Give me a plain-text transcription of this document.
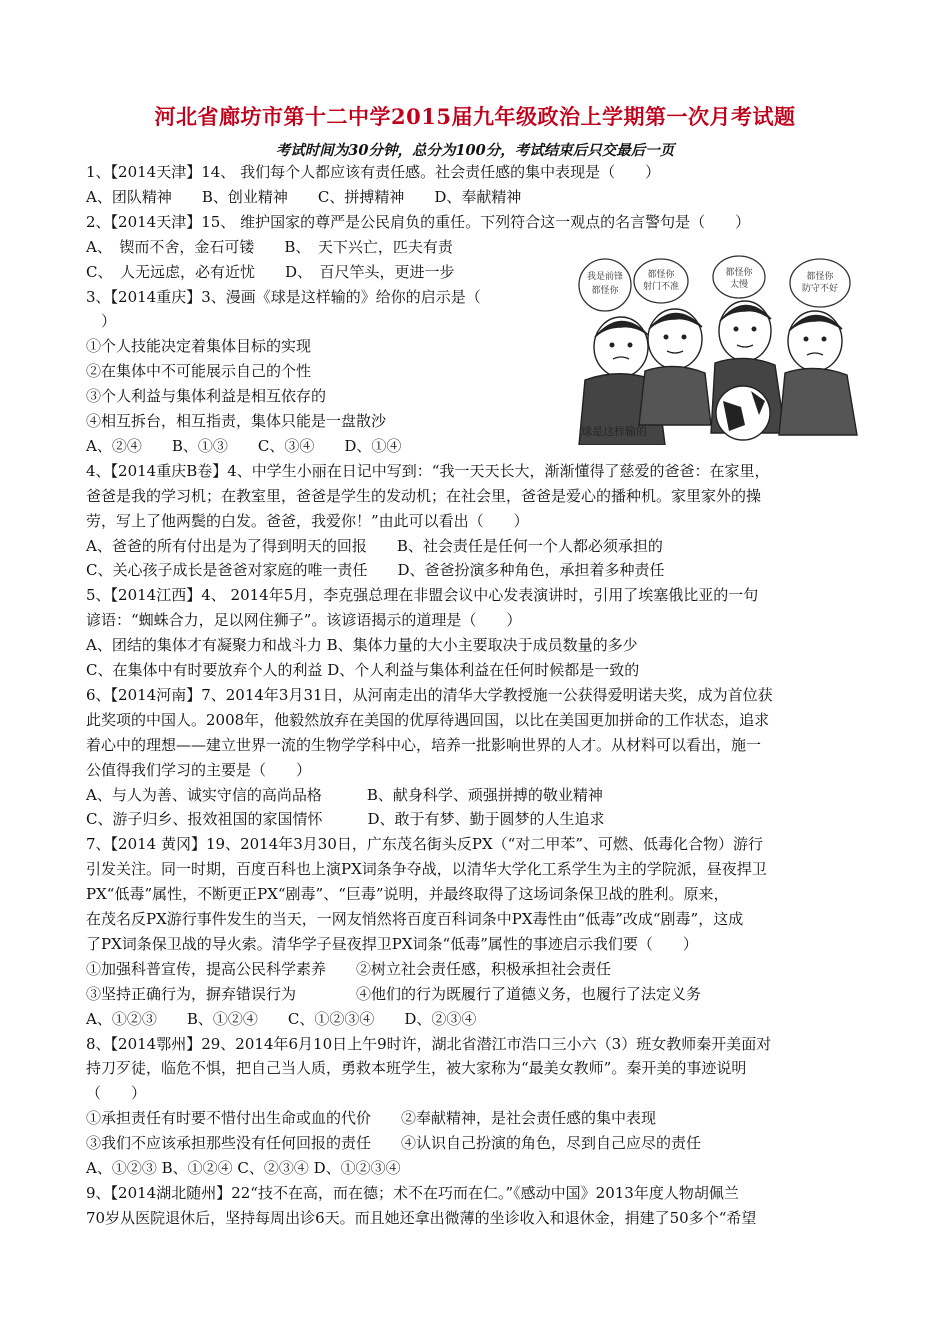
河北省廊坊市第十二中学2015届九年级政治上学期第一次月考试题
考试时间为30分钟，总分为100分，考试结束后只交最后一页
1、【2014天津】14、 我们每个人都应该有责任感。社会责任感的集中表现是（　　）
A、团队精神　　B、创业精神　　C、拼搏精神　　D、奉献精神
2、【2014天津】15、 维护国家的尊严是公民肩负的重任。下列符合这一观点的名言警句是（　　）
A、　锲而不舍，金石可镂　　B、　天下兴亡，匹夫有责
C、　人无远虑，必有近忧　　D、　百尺竿头，更进一步
3、【2014重庆】3、漫画《球是这样输的》给你的启示是（
　）
①个人技能决定着集体目标的实现
②在集体中不可能展示自己的个性
③个人利益与集体利益是相互依存的
④相互拆台，相互指责，集体只能是一盘散沙
A、②④　　B、①③　　C、③④　　D、①④
4、【2014重庆B卷】4、中学生小丽在日记中写到：“我一天天长大，渐渐懂得了慈爱的爸爸：在家里，
爸爸是我的学习机；在教室里，爸爸是学生的发动机；在社会里，爸爸是爱心的播种机。家里家外的操
劳，写上了他两鬓的白发。爸爸，我爱你！”由此可以看出（　　）
A、爸爸的所有付出是为了得到明天的回报　　B、社会责任是任何一个人都必须承担的
C、关心孩子成长是爸爸对家庭的唯一责任　　D、爸爸扮演多种角色，承担着多种责任
5、【2014江西】4、 2014年5月，李克强总理在非盟会议中心发表演讲时，引用了埃塞俄比亚的一句
谚语：“蜘蛛合力，足以网住狮子”。该谚语揭示的道理是（　　）
A、团结的集体才有凝聚力和战斗力 B、集体力量的大小主要取决于成员数量的多少
C、在集体中有时要放弃个人的利益 D、个人利益与集体利益在任何时候都是一致的
6、【2014河南】7、2014年3月31日，从河南走出的清华大学教授施一公获得爱明诺夫奖，成为首位获
此奖项的中国人。2008年，他毅然放弃在美国的优厚待遇回国，以比在美国更加拼命的工作状态，追求
着心中的理想——建立世界一流的生物学学科中心，培养一批影响世界的人才。从材料可以看出，施一
公值得我们学习的主要是（　　）
A、与人为善、诚实守信的高尚品格　　　B、献身科学、顽强拼搏的敬业精神
C、游子归乡、报效祖国的家国情怀　　　D、敢于有梦、勤于圆梦的人生追求
7、【2014 黄冈】19、2014年3月30日，广东茂名街头反PX（“对二甲苯”、可燃、低毒化合物）游行
引发关注。同一时期，百度百科也上演PX词条争夺战，以清华大学化工系学生为主的学院派，昼夜捍卫
PX“低毒”属性，不断更正PX“剧毒”、“巨毒”说明，并最终取得了这场词条保卫战的胜利。原来，
在茂名反PX游行事件发生的当天，一网友悄然将百度百科词条中PX毒性由“低毒”改成“剧毒”，这成
了PX词条保卫战的导火索。清华学子昼夜捍卫PX词条“低毒”属性的事迹启示我们要（　　）
①加强科普宣传，提高公民科学素养　　②树立社会责任感，积极承担社会责任
③坚持正确行为，摒弃错误行为　　　　④他们的行为既履行了道德义务，也履行了法定义务
A、①②③　　B、①②④　　C、①②③④　　D、②③④
8、【2014鄂州】29、2014年6月10日上午9时许，湖北省潜江市浩口三小六（3）班女教师秦开美面对
持刀歹徒，临危不惧，把自己当人质，勇救本班学生，被大家称为“最美女教师”。秦开美的事迹说明
（　　）
①承担责任有时要不惜付出生命或血的代价　　②奉献精神，是社会责任感的集中表现
③我们不应该承担那些没有任何回报的责任　　④认识自己扮演的角色，尽到自己应尽的责任
A、①②③ B、①②④ C、②③④ D、①②③④
9、【2014湖北随州】22“技不在高，而在德；术不在巧而在仁。”《感动中国》2013年度人物胡佩兰
70岁从医院退休后，坚持每周出诊6天。而且她还拿出微薄的坐诊收入和退休金，捐建了50多个“希望
我是前锋
都怪你
都怪你
射门不准
都怪你
太慢
都怪你
防守不好
球是这样输的
